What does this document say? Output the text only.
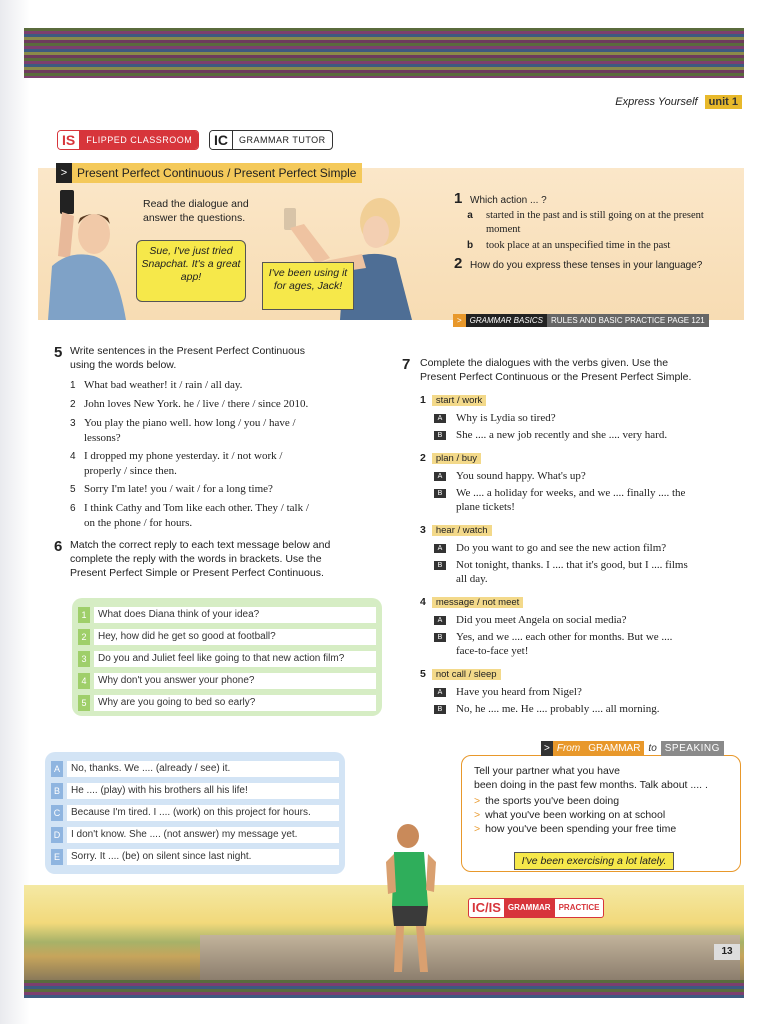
Express Yourself unit 1
IS	FLIPPED CLASSROOM	IC	GRAMMAR TUTOR
> Present Perfect Continuous / Present Perfect Simple
Read the dialogue and
answer the questions.
Sue, I've just tried Snapchat. It's a great app!	I've been using it for ages, Jack!
1 Which action ... ?
a	started in the past and is still going on at the present moment
b	took place at an unspecified time in the past
2 How do you express these tenses in your language?
>	GRAMMAR BASICS	RULES AND BASIC PRACTICE PAGE 121
5 Write sentences in the Present Perfect Continuous
using the words below.
1 What bad weather! it / rain / all day.
2 John loves New York. he / live / there / since 2010.
3 You play the piano well. how long / you / have /
lessons?
4 I dropped my phone yesterday. it / not work /
properly / since then.
5 Sorry I'm late! you / wait / for a long time?
6 I think Cathy and Tom like each other. They / talk /
on the phone / for hours.
6 Match the correct reply to each text message below and
complete the reply with the words in brackets. Use the
Present Perfect Simple or Present Perfect Continuous.
1	What does Diana think of your idea?
2	Hey, how did he get so good at football?
3	Do you and Juliet feel like going to that new action film?
4	Why don't you answer your phone?
5	Why are you going to bed so early?
A	No, thanks. We .... (already / see) it.
B	He .... (play) with his brothers all his life!
C	Because I'm tired. I .... (work) on this project for hours.
D	I don't know. She .... (not answer) my message yet.
E	Sorry. It .... (be) on silent since last night.
7 Complete the dialogues with the verbs given. Use the
Present Perfect Continuous or the Present Perfect Simple.
1 start / work
A Why is Lydia so tired?
B She .... a new job recently and she .... very hard.
2 plan / buy
A You sound happy. What's up?
B We .... a holiday for weeks, and we .... finally .... the
plane tickets!
3 hear / watch
A Do you want to go and see the new action film?
B Not tonight, thanks. I .... that it's good, but I .... films
all day.
4 message / not meet
A Did you meet Angela on social media?
B Yes, and we .... each other for months. But we ....
face-to-face yet!
5 not call / sleep
A Have you heard from Nigel?
B No, he .... me. He .... probably .... all morning.
> From GRAMMAR to SPEAKING
Tell your partner what you have
been doing in the past few months. Talk about .... .
> the sports you've been doing
> what you've been working on at school
> how you've been spending your free time
I've been exercising a lot lately.
IC/IS GRAMMAR	PRACTICE
13
